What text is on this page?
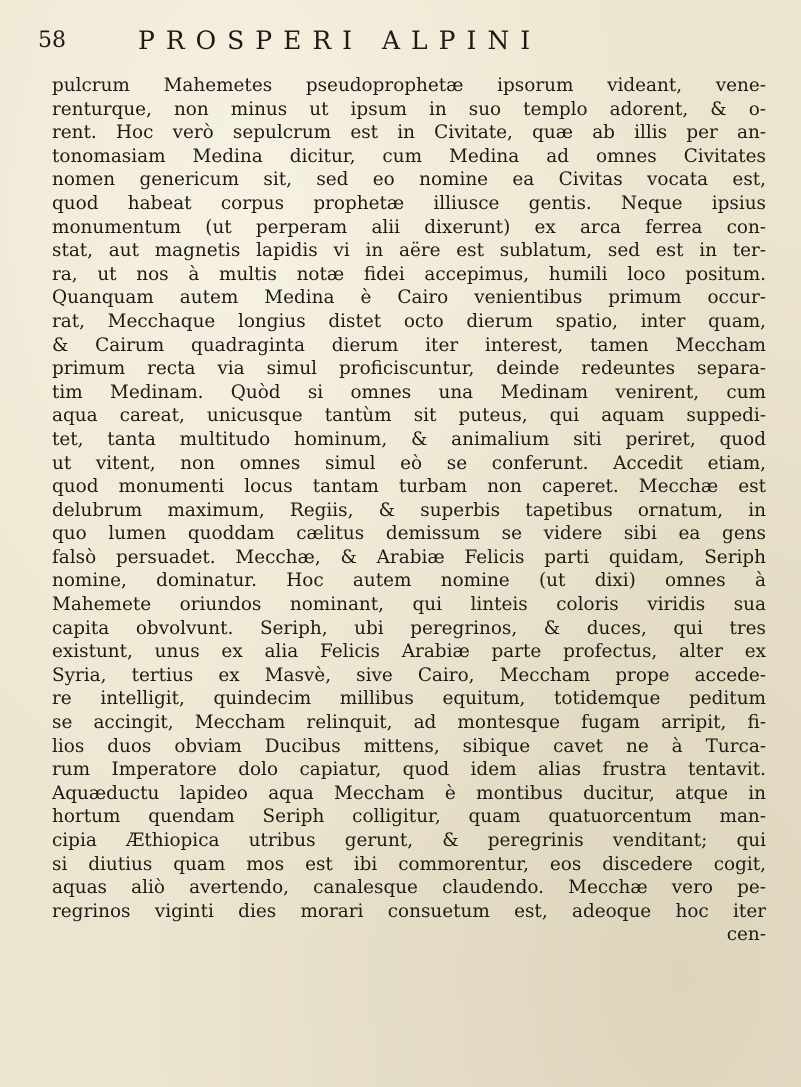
58	PROSPERI ALPINI
pulcrum Mahemetes pseudoprophetæ ipsorum videant, vene-
renturque, non minus ut ipsum in suo templo adorent, & o-
rent. Hoc verò sepulcrum est in Civitate, quæ ab illis per an-
tonomasiam Medina dicitur, cum Medina ad omnes Civitates
nomen genericum sit, sed eo nomine ea Civitas vocata est,
quod habeat corpus prophetæ illiusce gentis. Neque ipsius
monumentum (ut perperam alii dixerunt) ex arca ferrea con-
stat, aut magnetis lapidis vi in aëre est sublatum, sed est in ter-
ra, ut nos à multis notæ fidei accepimus, humili loco positum.
Quanquam autem Medina è Cairo venientibus primum occur-
rat, Mecchaque longius distet octo dierum spatio, inter quam,
& Cairum quadraginta dierum iter interest, tamen Meccham
primum recta via simul proficiscuntur, deinde redeuntes separa-
tim Medinam. Quòd si omnes una Medinam venirent, cum
aqua careat, unicusque tantùm sit puteus, qui aquam suppedi-
tet, tanta multitudo hominum, & animalium siti periret, quod
ut vitent, non omnes simul eò se conferunt. Accedit etiam,
quod monumenti locus tantam turbam non caperet. Mecchæ est
delubrum maximum, Regiis, & superbis tapetibus ornatum, in
quo lumen quoddam cælitus demissum se videre sibi ea gens
falsò persuadet. Mecchæ, & Arabiæ Felicis parti quidam, Seriph
nomine, dominatur. Hoc autem nomine (ut dixi) omnes à
Mahemete oriundos nominant, qui linteis coloris viridis sua
capita obvolvunt. Seriph, ubi peregrinos, & duces, qui tres
existunt, unus ex alia Felicis Arabiæ parte profectus, alter ex
Syria, tertius ex Masvè, sive Cairo, Meccham prope accede-
re intelligit, quindecim millibus equitum, totidemque peditum
se accingit, Meccham relinquit, ad montesque fugam arripit, fi-
lios duos obviam Ducibus mittens, sibique cavet ne à Turca-
rum Imperatore dolo capiatur, quod idem alias frustra tentavit.
Aquæductu lapideo aqua Meccham è montibus ducitur, atque in
hortum quendam Seriph colligitur, quam quatuorcentum man-
cipia Æthiopica utribus gerunt, & peregrinis venditant; qui
si diutius quam mos est ibi commorentur, eos discedere cogit,
aquas aliò avertendo, canalesque claudendo. Mecchæ vero pe-
regrinos viginti dies morari consuetum est, adeoque hoc iter
cen-
